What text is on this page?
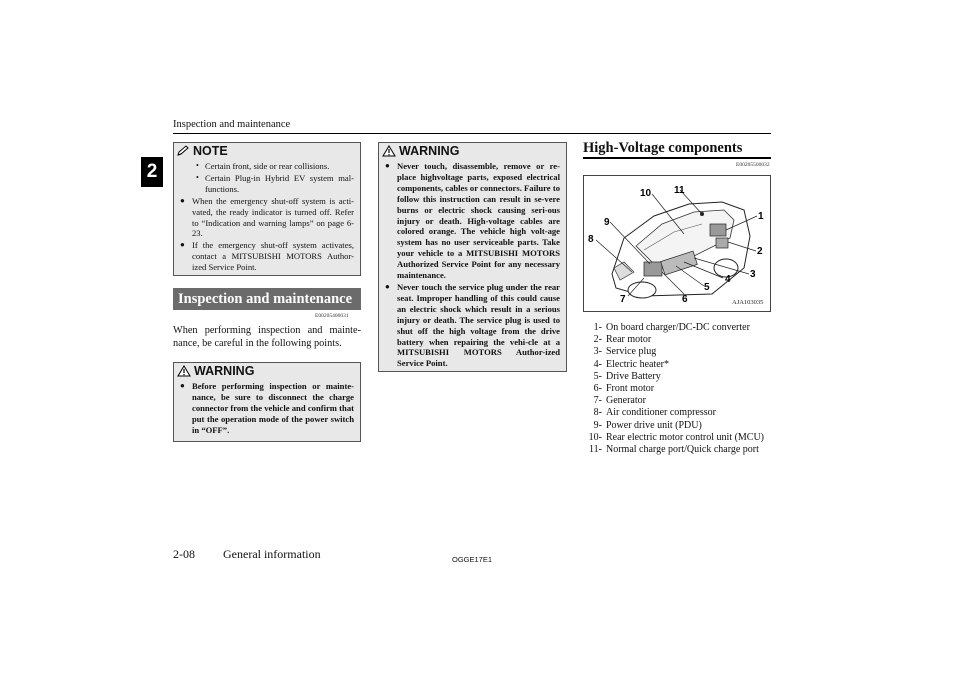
Inspection and maintenance
2
NOTE
• Certain front, side or rear collisions.
• Certain Plug-in Hybrid EV system mal-functions.
● When the emergency shut-off system is acti-vated, the ready indicator is turned off. Refer to “Indication and warning lamps” on page 6-23.
● If the emergency shut-off system activates, contact a MITSUBISHI MOTORS Author-ized Service Point.
Inspection and maintenance
E00205400031
When performing inspection and mainte-nance, be careful in the following points.
WARNING
● Before performing inspection or mainte-nance, be sure to disconnect the charge connector from the vehicle and confirm that put the operation mode of the power switch in “OFF”.
WARNING
● Never touch, disassemble, remove or re-place highvoltage parts, exposed electrical components, cables or connectors. Failure to follow this instruction can result in se-vere burns or electric shock causing seri-ous injury or death. High-voltage cables are colored orange. The vehicle high volt-age system has no user serviceable parts. Take your vehicle to a MITSUBISHI MOTORS Authorized Service Point for any necessary maintenance.
● Never touch the service plug under the rear seat. Improper handling of this could cause an electric shock which result in a serious injury or death. The service plug is used to shut off the high voltage from the drive battery when repairing the vehi-cle at a MITSUBISHI MOTORS Author-ized Service Point.
High-Voltage components
E00205500032
1
2
3
4
5
6
7
8
9
10 11
AJA103035
1- On board charger/DC-DC converter
2- Rear motor
3- Service plug
4- Electric heater*
5- Drive Battery
6- Front motor
7- Generator
8- Air conditioner compressor
9- Power drive unit (PDU)
10- Rear electric motor control unit (MCU)
11- Normal charge port/Quick charge port
2-08 General information	OGGE17E1
